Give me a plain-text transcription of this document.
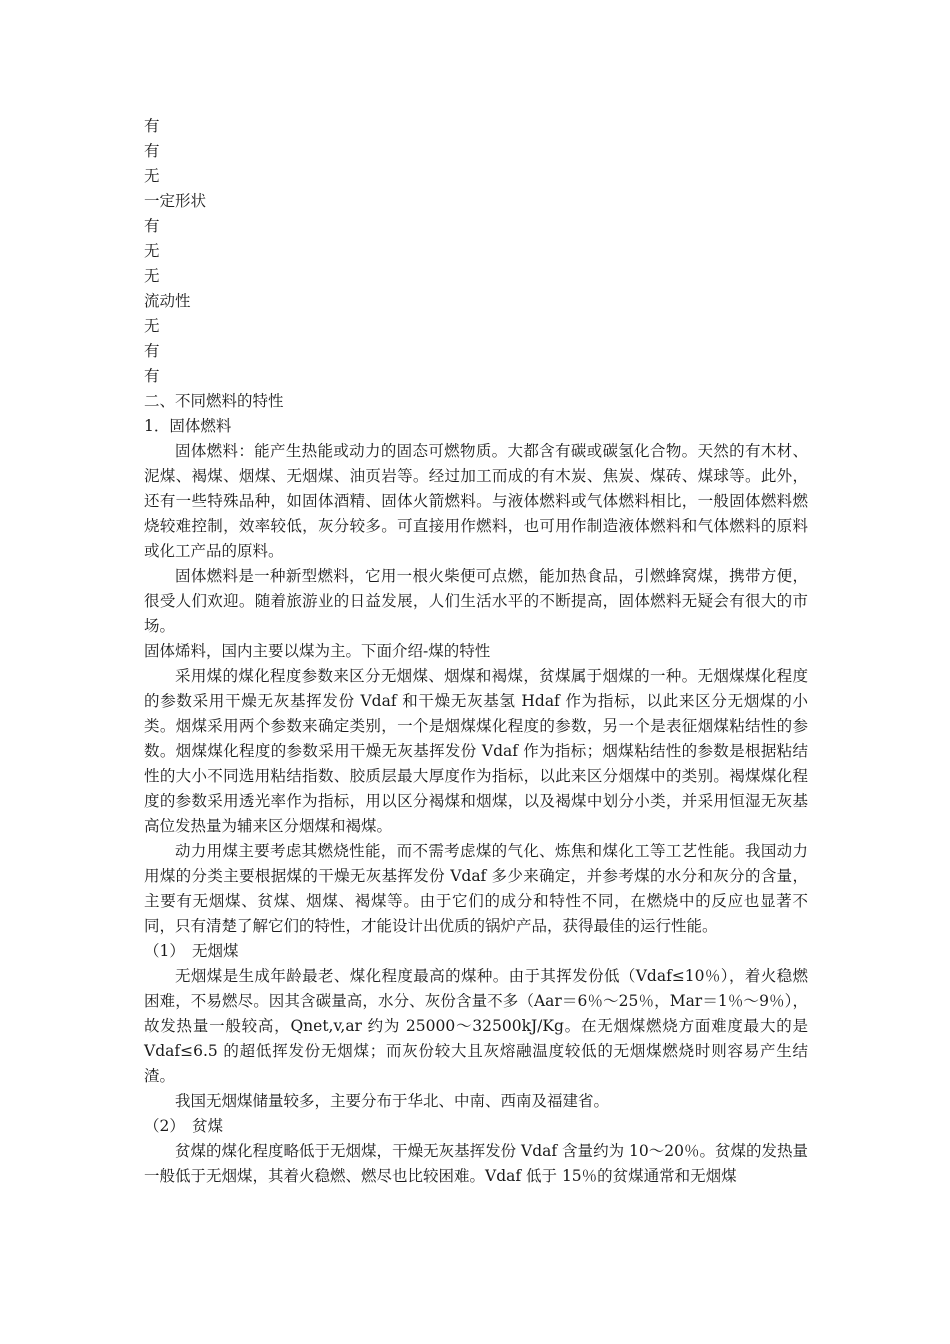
有

有

无

一定形状

有

无

无

流动性

无

有

有

二、不同燃料的特性

1．固体燃料

固体燃料：能产生热能或动力的固态可燃物质。大都含有碳或碳氢化合物。天然的有木材、泥煤、褐煤、烟煤、无烟煤、油页岩等。经过加工而成的有木炭、焦炭、煤砖、煤球等。此外，还有一些特殊品种，如固体酒精、固体火箭燃料。与液体燃料或气体燃料相比，一般固体燃料燃烧较难控制，效率较低，灰分较多。可直接用作燃料，也可用作制造液体燃料和气体燃料的原料或化工产品的原料。

固体燃料是一种新型燃料，它用一根火柴便可点燃，能加热食品，引燃蜂窝煤，携带方便，很受人们欢迎。随着旅游业的日益发展，人们生活水平的不断提高，固体燃料无疑会有很大的市场。

固体烯料，国内主要以煤为主。下面介绍-煤的特性

采用煤的煤化程度参数来区分无烟煤、烟煤和褐煤，贫煤属于烟煤的一种。无烟煤煤化程度的参数采用干燥无灰基挥发份 Vdaf 和干燥无灰基氢 Hdaf 作为指标，以此来区分无烟煤的小类。烟煤采用两个参数来确定类别，一个是烟煤煤化程度的参数，另一个是表征烟煤粘结性的参数。烟煤煤化程度的参数采用干燥无灰基挥发份 Vdaf 作为指标；烟煤粘结性的参数是根据粘结性的大小不同选用粘结指数、胶质层最大厚度作为指标，以此来区分烟煤中的类别。褐煤煤化程度的参数采用透光率作为指标，用以区分褐煤和烟煤，以及褐煤中划分小类，并采用恒湿无灰基高位发热量为辅来区分烟煤和褐煤。

动力用煤主要考虑其燃烧性能，而不需考虑煤的气化、炼焦和煤化工等工艺性能。我国动力用煤的分类主要根据煤的干燥无灰基挥发份 Vdaf 多少来确定，并参考煤的水分和灰分的含量，主要有无烟煤、贫煤、烟煤、褐煤等。由于它们的成分和特性不同，在燃烧中的反应也显著不同，只有清楚了解它们的特性，才能设计出优质的锅炉产品，获得最佳的运行性能。

（1） 无烟煤

无烟煤是生成年龄最老、煤化程度最高的煤种。由于其挥发份低（Vdaf≤10％），着火稳燃困难，不易燃尽。因其含碳量高，水分、灰份含量不多（Aar＝6％～25％，Mar＝1％～9％），故发热量一般较高，Qnet,v,ar 约为 25000～32500kJ/Kg。在无烟煤燃烧方面难度最大的是 Vdaf≤6.5 的超低挥发份无烟煤；而灰份较大且灰熔融温度较低的无烟煤燃烧时则容易产生结渣。

我国无烟煤储量较多，主要分布于华北、中南、西南及福建省。

（2） 贫煤

贫煤的煤化程度略低于无烟煤，干燥无灰基挥发份 Vdaf 含量约为 10～20％。贫煤的发热量一般低于无烟煤，其着火稳燃、燃尽也比较困难。Vdaf 低于 15％的贫煤通常和无烟煤
